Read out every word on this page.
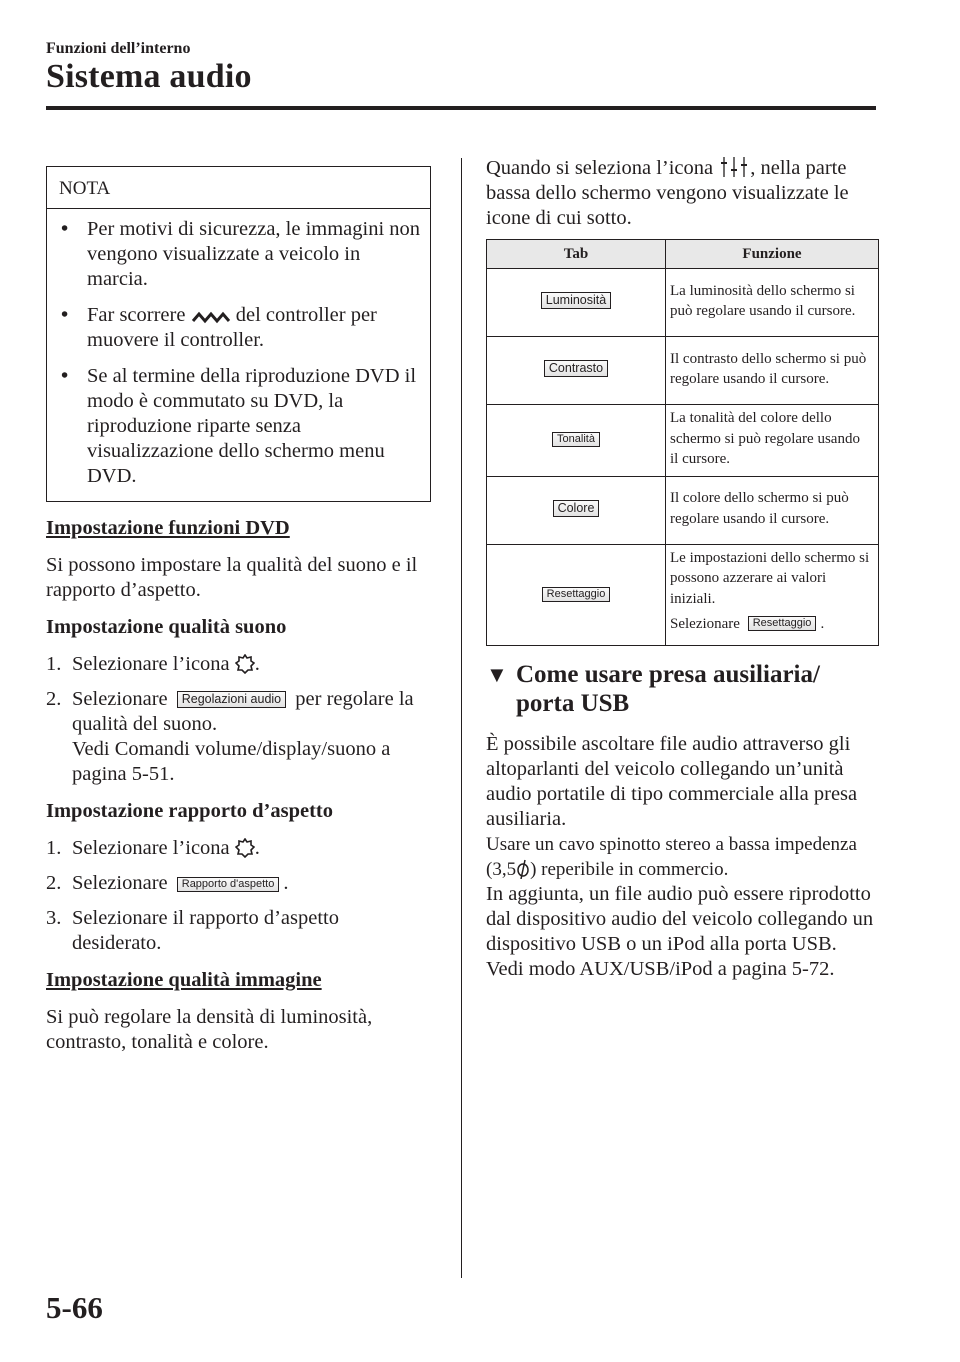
Funzioni dell’interno
Sistema audio
NOTA
• Per motivi di sicurezza, le immagini non vengono visualizzate a veicolo in marcia.
• Far scorrere del controller per muovere il controller.
• Se al termine della riproduzione DVD il modo è commutato su DVD, la riproduzione riparte senza visualizzazione dello schermo menu DVD.

Impostazione funzioni DVD

Si possono impostare la qualità del suono e il rapporto d’aspetto.

Impostazione qualità suono

1. Selezionare l’icona .
2. Selezionare Regolazioni audio per regolare la qualità del suono.
Vedi Comandi volume/display/suono a pagina 5-51.

Impostazione rapporto d’aspetto

1. Selezionare l’icona .
2. Selezionare Rapporto d'aspetto .
3. Selezionare il rapporto d’aspetto desiderato.

Impostazione qualità immagine

Si può regolare la densità di luminosità, contrasto, tonalità e colore.

Quando si seleziona l’icona , nella parte bassa dello schermo vengono visualizzate le icone di cui sotto.

Tab	Funzione
Luminosità	La luminosità dello schermo si può regolare usando il cursore.
Contrasto	Il contrasto dello schermo si può regolare usando il cursore.
Tonalità	La tonalità del colore dello schermo si può regolare usando il cursore.
Colore	Il colore dello schermo si può regolare usando il cursore.
Resettaggio	Le impostazioni dello schermo si possono azzerare ai valori iniziali.
Selezionare Resettaggio .
▼ Come usare presa ausiliaria/ porta USB
È possibile ascoltare file audio attraverso gli altoparlanti del veicolo collegando un’unità audio portatile di tipo commerciale alla presa ausiliaria.
Usare un cavo spinotto stereo a bassa impedenza (3,5 ) reperibile in commercio.
In aggiunta, un file audio può essere riprodotto dal dispositivo audio del veicolo collegando un dispositivo USB o un iPod alla porta USB.
Vedi modo AUX/USB/iPod a pagina 5-72.
5-66
